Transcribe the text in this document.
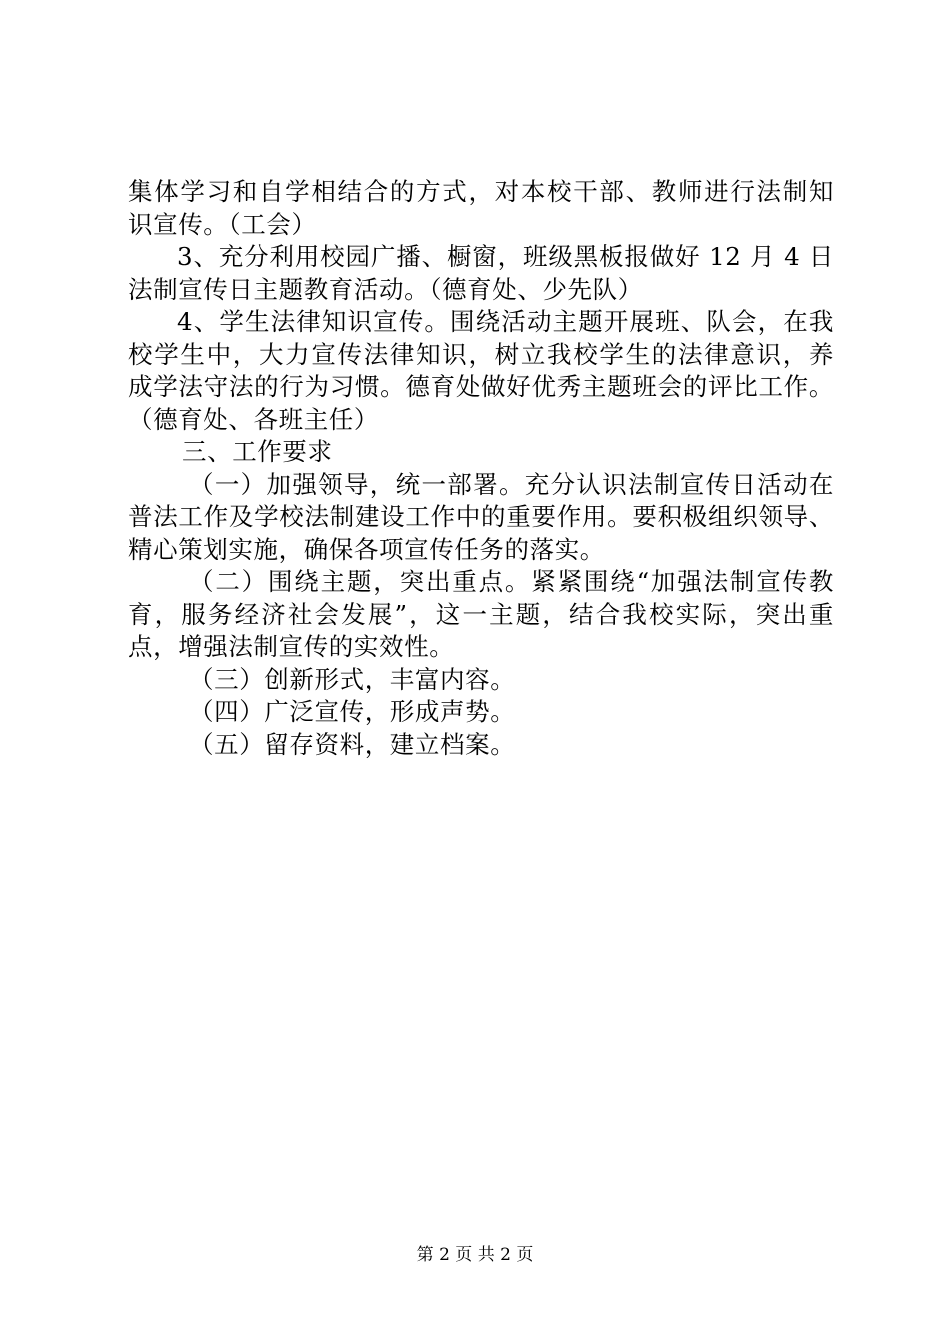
集体学习和自学相结合的方式，对本校干部、教师进行法制知
识宣传。（工会）
3、充分利用校园广播、橱窗，班级黑板报做好 12 月 4 日
法制宣传日主题教育活动。（德育处、少先队）
4、学生法律知识宣传。围绕活动主题开展班、队会，在我
校学生中，大力宣传法律知识，树立我校学生的法律意识，养
成学法守法的行为习惯。德育处做好优秀主题班会的评比工作。
（德育处、各班主任）
三、工作要求
（一）加强领导，统一部署。充分认识法制宣传日活动在
普法工作及学校法制建设工作中的重要作用。要积极组织领导、
精心策划实施，确保各项宣传任务的落实。
（二）围绕主题，突出重点。紧紧围绕“加强法制宣传教
育，服务经济社会发展”，这一主题，结合我校实际，突出重
点，增强法制宣传的实效性。
（三）创新形式，丰富内容。
（四）广泛宣传，形成声势。
（五）留存资料，建立档案。
第 2 页 共 2 页
